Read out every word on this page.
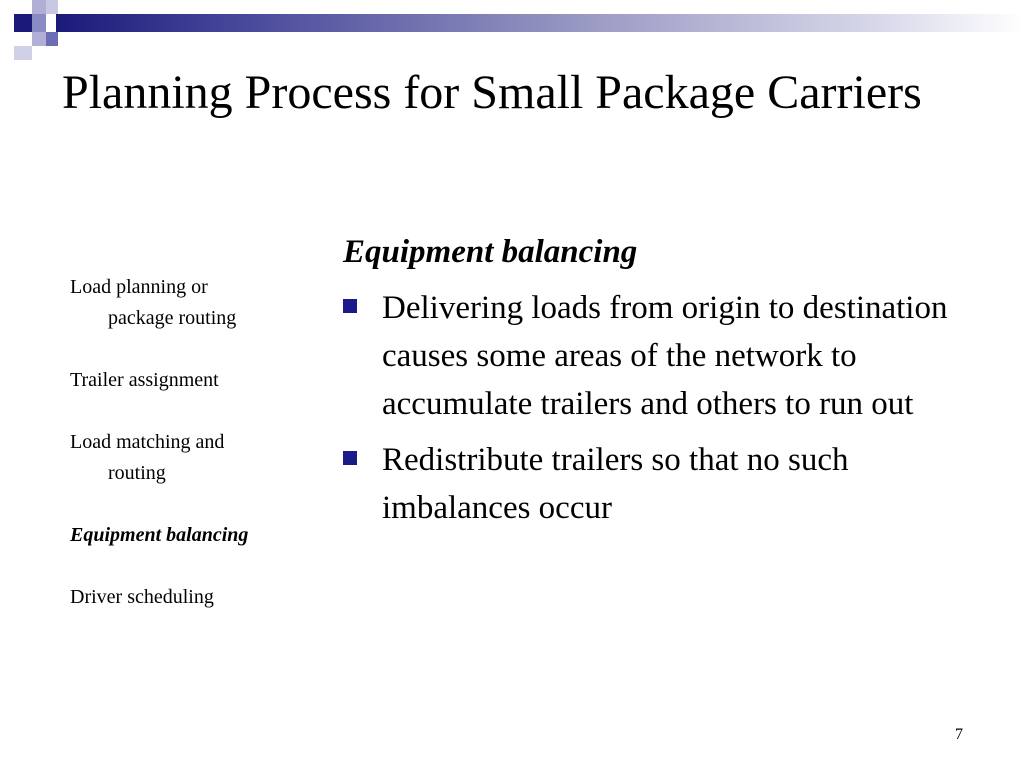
Planning Process for Small Package Carriers
Load planning or
package routing
Trailer assignment
Load matching and
routing
Equipment balancing
Driver scheduling
Equipment balancing
Delivering loads from origin to destination causes some areas of the network to accumulate trailers and others to run out
Redistribute trailers so that no such imbalances occur
7
